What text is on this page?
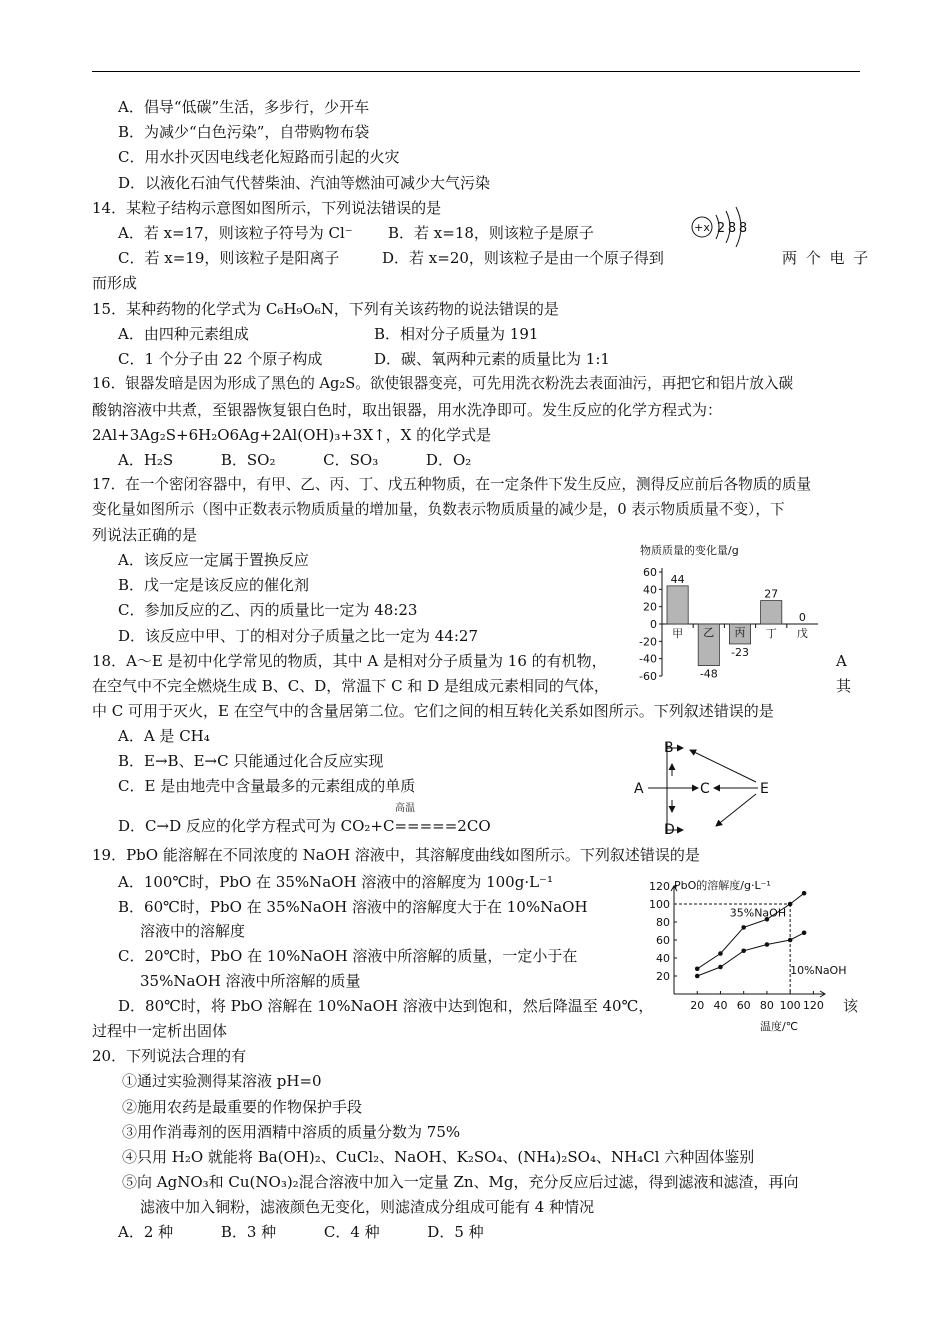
A．倡导“低碳”生活，多步行，少开车
B．为减少“白色污染”，自带购物布袋
C．用水扑灭因电线老化短路而引起的火灾
D．以液化石油气代替柴油、汽油等燃油可减少大气污染
14．某粒子结构示意图如图所示，下列说法错误的是
A．若 x=17，则该粒子符号为 Cl⁻ B．若 x=18，则该粒子是原子
C．若 x=19，则该粒子是阳离子	D．若 x=20，则该粒子是由一个原子得到	两 个 电 子
而形成
+x 2 8 8
15．某种药物的化学式为 C₆H₉O₆N，下列有关该药物的说法错误的是
A．由四种元素组成	B．相对分子质量为 191
C．1 个分子由 22 个原子构成	D．碳、氧两种元素的质量比为 1:1
16．银器发暗是因为形成了黑色的 Ag₂S。欲使银器变亮，可先用洗衣粉洗去表面油污，再把它和铝片放入碳
酸钠溶液中共煮，至银器恢复银白色时，取出银器，用水洗净即可。发生反应的化学方程式为：
2Al+3Ag₂S+6H₂O6Ag+2Al(OH)₃+3X↑，X 的化学式是
A．H₂S          B．SO₂          C．SO₃          D．O₂
17．在一个密闭容器中，有甲、乙、丙、丁、戊五种物质，在一定条件下发生反应，测得反应前后各物质的质量
变化量如图所示（图中正数表示物质质量的增加量，负数表示物质质量的减少是，0 表示物质质量不变），下
列说法正确的是
A．该反应一定属于置换反应
B．戊一定是该反应的催化剂
C．参加反应的乙、丙的质量比一定为 48:23
D．该反应中甲、丁的相对分子质量之比一定为 44:27
物质质量的变化量/g
60
40
20
0
-20
-40
-60
44
甲
-48
乙
-23
丙
27
丁
0
戊
18．A～E 是初中化学常见的物质，其中 A 是相对分子质量为 16 的有机物，	A
在空气中不完全燃烧生成 B、C、D，常温下 C 和 D 是组成元素相同的气体，	其
中 C 可用于灭火，E 在空气中的含量居第二位。它们之间的相互转化关系如图所示。下列叙述错误的是
A．A 是 CH₄
B．E→B、E→C 只能通过化合反应实现
C．E 是由地壳中含量最多的元素组成的单质
高温
D．C→D 反应的化学方程式可为 CO₂+C=====2CO
B
A	C	E
D
19．PbO 能溶解在不同浓度的 NaOH 溶液中，其溶解度曲线如图所示。下列叙述错误的是
A．100℃时，PbO 在 35%NaOH 溶液中的溶解度为 100g·L⁻¹
B．60℃时，PbO 在 35%NaOH 溶液中的溶解度大于在 10%NaOH
溶液中的溶解度
C．20℃时，PbO 在 10%NaOH 溶液中所溶解的质量，一定小于在
35%NaOH 溶液中所溶解的质量
D．80℃时，将 PbO 溶解在 10%NaOH 溶液中达到饱和，然后降温至 40℃，	该
过程中一定析出固体
PbO的溶解度/g·L⁻¹
温度/℃
20
40
60
80
100
120
20 40 60 80 100 120
35%NaOH
10%NaOH
20．下列说法合理的有
①通过实验测得某溶液 pH=0
②施用农药是最重要的作物保护手段
③用作消毒剂的医用酒精中溶质的质量分数为 75%
④只用 H₂O 就能将 Ba(OH)₂、CuCl₂、NaOH、K₂SO₄、(NH₄)₂SO₄、NH₄Cl 六种固体鉴别
⑤向 AgNO₃和 Cu(NO₃)₂混合溶液中加入一定量 Zn、Mg，充分反应后过滤，得到滤液和滤渣，再向
滤液中加入铜粉，滤液颜色无变化，则滤渣成分组成可能有 4 种情况
A．2 种          B．3 种          C．4 种          D．5 种
